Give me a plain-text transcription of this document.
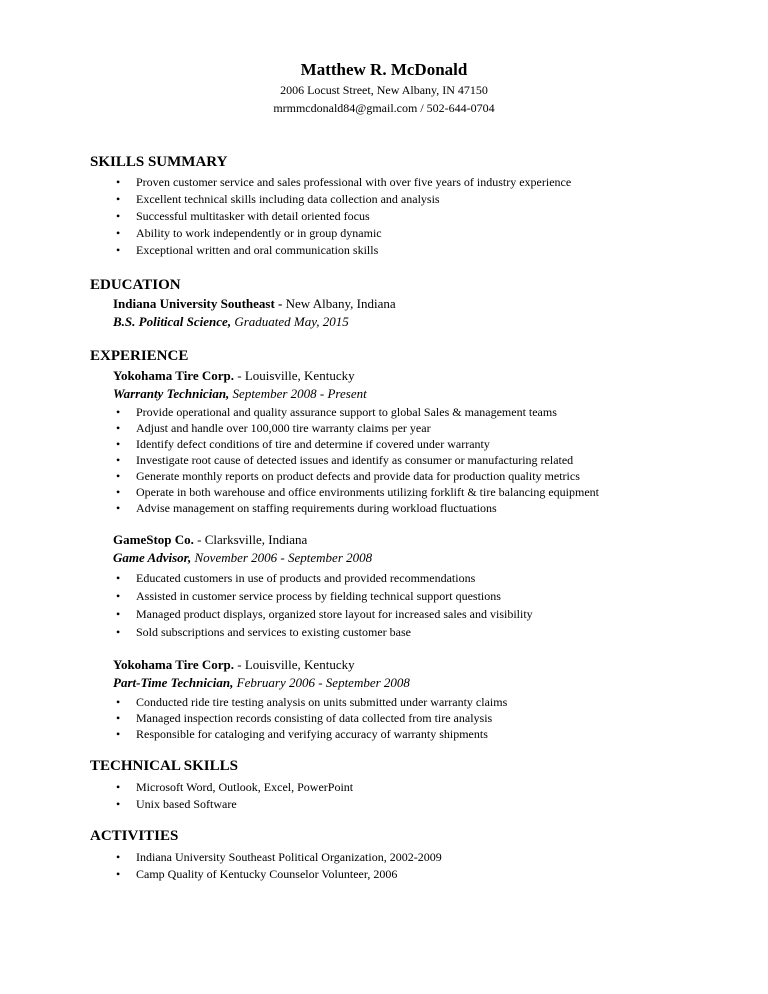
Matthew R. McDonald
2006 Locust Street, New Albany, IN 47150
mrmmcdonald84@gmail.com / 502-644-0704
SKILLS SUMMARY
• Proven customer service and sales professional with over five years of industry experience
• Excellent technical skills including data collection and analysis
• Successful multitasker with detail oriented focus
• Ability to work independently or in group dynamic
• Exceptional written and oral communication skills
EDUCATION
Indiana University Southeast - New Albany, Indiana
B.S. Political Science, Graduated May, 2015
EXPERIENCE
Yokohama Tire Corp. - Louisville, Kentucky
Warranty Technician, September 2008 - Present
• Provide operational and quality assurance support to global Sales & management teams
• Adjust and handle over 100,000 tire warranty claims per year
• Identify defect conditions of tire and determine if covered under warranty
• Investigate root cause of detected issues and identify as consumer or manufacturing related
• Generate monthly reports on product defects and provide data for production quality metrics
• Operate in both warehouse and office environments utilizing forklift & tire balancing equipment
• Advise management on staffing requirements during workload fluctuations
GameStop Co. - Clarksville, Indiana
Game Advisor, November 2006 - September 2008
• Educated customers in use of products and provided recommendations
• Assisted in customer service process by fielding technical support questions
• Managed product displays, organized store layout for increased sales and visibility
• Sold subscriptions and services to existing customer base
Yokohama Tire Corp. - Louisville, Kentucky
Part-Time Technician, February 2006 - September 2008
• Conducted ride tire testing analysis on units submitted under warranty claims
• Managed inspection records consisting of data collected from tire analysis
• Responsible for cataloging and verifying accuracy of warranty shipments
TECHNICAL SKILLS
• Microsoft Word, Outlook, Excel, PowerPoint
• Unix based Software
ACTIVITIES
• Indiana University Southeast Political Organization, 2002-2009
• Camp Quality of Kentucky Counselor Volunteer, 2006
